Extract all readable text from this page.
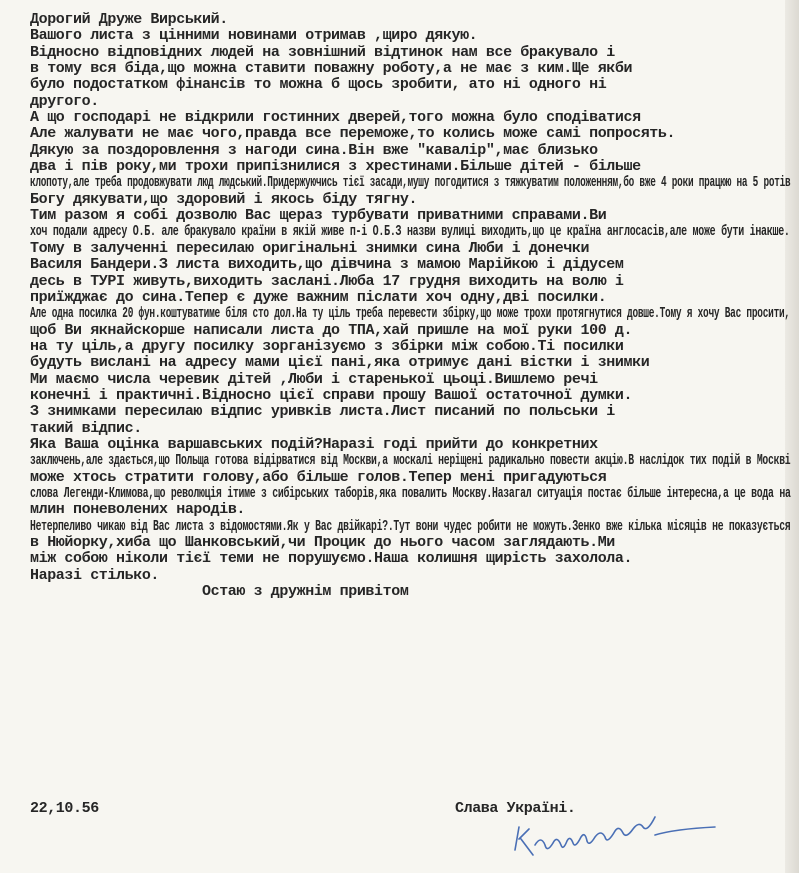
Дорогий Друже Вирський.
Вашого листа з цінними новинами отримав ,щиро дякую.
Відносно відповідних людей на зовнішний відтинок нам все бракувало і
в тому вся біда,що можна ставити поважну роботу,а не має з ким.Ще якби
було подостатком фінансів то можна б щось зробити, ато ні одного ні
другого.
А що господарі не відкрили гостинних дверей,того можна було сподіватися
Але жалувати не має чого,правда все переможе,то колись може самі попросять.
Дякую за поздоровлення з нагоди сина.Він вже "кавалір",має близько
два і пів року,ми трохи припізнилися з хрестинами.Більше дітей - більше
клопоту,але треба продовжувати люд людський.Придержуючись тієї засади,мушу погодитися з тяжкуватим положенням,бо вже 4 роки працюю на 5 ротів
Богу дякувати,що здоровий і якось біду тягну.
Тим разом я собі дозволю Вас щераз турбувати приватними справами.Ви
хоч подали адресу О.Б. але бракувало країни в якій живе п-і О.Б.З назви вулиці виходить,що це країна англосасів,але може бути інакше.
Тому в залученні пересилаю оригінальні знимки сина Люби і донечки
Василя Бандери.З листа виходить,що дівчина з мамою Марійкою і дідусем
десь в ТУРІ живуть,виходить заслані.Люба 17 грудня виходить на волю і
приїжджає до сина.Тепер є дуже важним післати хоч одну,дві посилки.
Але одна посилка 20 фун.коштуватиме біля сто дол.На ту ціль треба перевести збірку,що може трохи протягнутися довше.Тому я хочу Вас просити,
щоб Ви якнайскорше написали листа до ТПА,хай пришле на мої руки 100 д.
на ту ціль,а другу посилку зорганізуємо з збірки між собою.Ті посилки
будуть вислані на адресу мами цієї пані,яка отримує дані вістки і знимки
Ми маємо числа черевик дітей ,Люби і старенької цьоці.Вишлемо речі
конечні і практичні.Відносно цієї справи прошу Вашої остаточної думки.
З знимками пересилаю відпис уривків листа.Лист писаний по польськи і
такий відпис.
Яка Ваша оцінка варшавських подій?Наразі годі прийти до конкретних
заключень,але здається,що Польща готова відірватися від Москви,а москалі неріщені радикально повести акцію.В наслідок тих подій в Москві
може хтось стратити голову,або більше голов.Тепер мені пригадуються
слова Легенди-Климова,що революція ітиме з сибірських таборів,яка повалить Москву.Назагал ситуація постає більше інтересна,а це вода на
млин поневолених народів.
Нетерпеливо чикаю від Вас листа з відомостями.Як у Вас двійкарі?.Тут вони чудес робити не можуть.Зенко вже кілька місяців не показується
в Нюйорку,хиба що Шанковський,чи Процик до нього часом заглядають.Ми
між собою ніколи тієї теми не порушуємо.Наша колишня щирість захолола.
Наразі стілько.
Остаю з дружнім привітом
22,10.56	Слава Україні.
